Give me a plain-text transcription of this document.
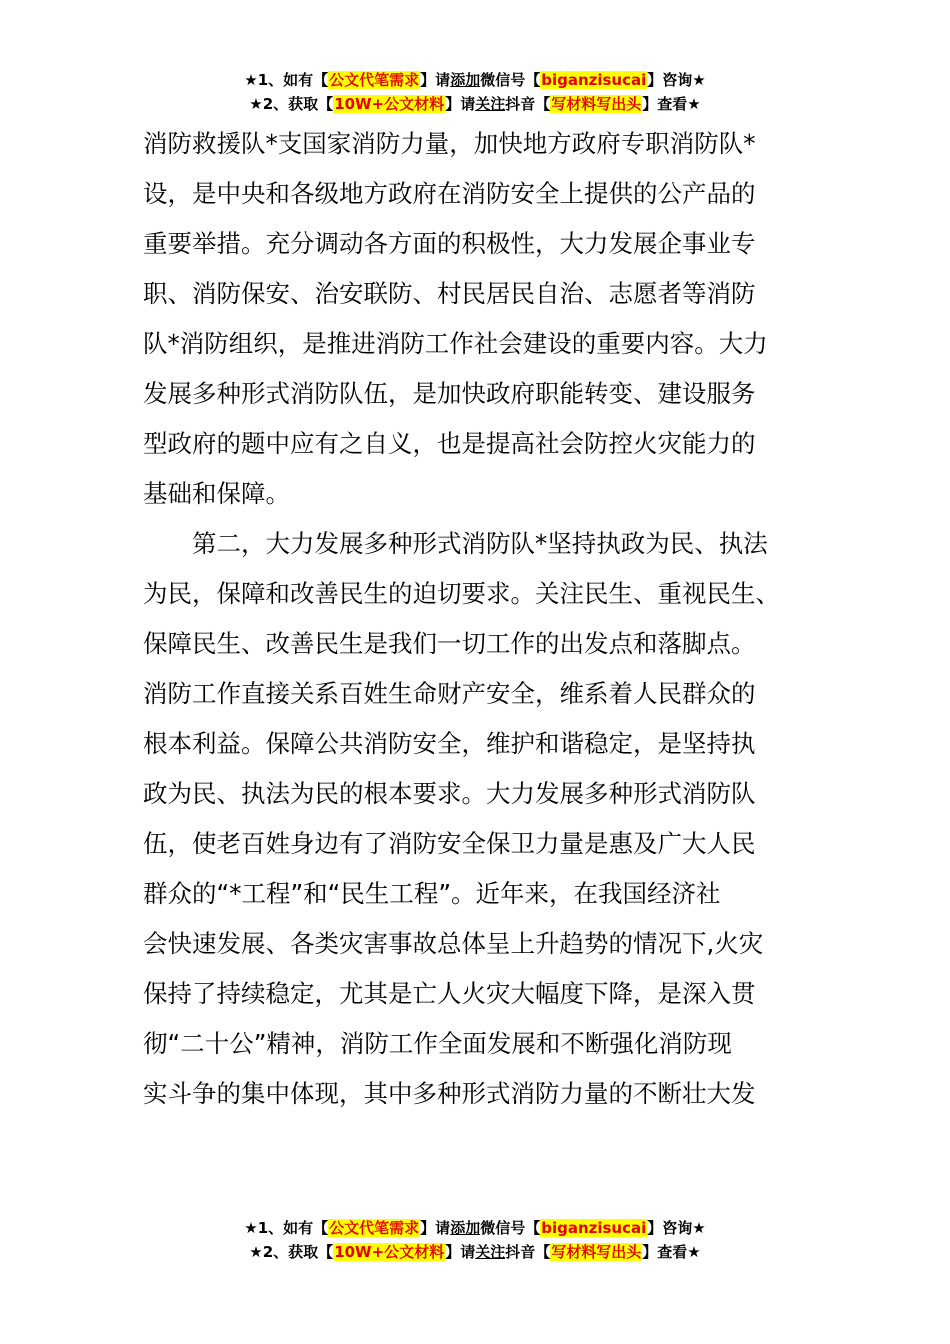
★1、如有【公文代笔需求】请添加微信号【biganzisucai】咨询★
★2、获取【10W+公文材料】请关注抖音【写材料写出头】查看★

消防救援队*支国家消防力量，加快地方政府专职消防队*
设，是中央和各级地方政府在消防安全上提供的公产品的
重要举措。充分调动各方面的积极性，大力发展企事业专
职、消防保安、治安联防、村民居民自治、志愿者等消防
队*消防组织，是推进消防工作社会建设的重要内容。大力
发展多种形式消防队伍，是加快政府职能转变、建设服务
型政府的题中应有之自义，也是提高社会防控火灾能力的
基础和保障。

第二，大力发展多种形式消防队*坚持执政为民、执法
为民，保障和改善民生的迫切要求。关注民生、重视民生、
保障民生、改善民生是我们一切工作的出发点和落脚点。
消防工作直接关系百姓生命财产安全，维系着人民群众的
根本利益。保障公共消防安全，维护和谐稳定，是坚持执
政为民、执法为民的根本要求。大力发展多种形式消防队
伍，使老百姓身边有了消防安全保卫力量是惠及广大人民
群众的“*工程”和“民生工程”。近年来，在我国经济社
会快速发展、各类灾害事故总体呈上升趋势的情况下,火灾
保持了持续稳定，尤其是亡人火灾大幅度下降，是深入贯
彻“二十公”精神，消防工作全面发展和不断强化消防现
实斗争的集中体现，其中多种形式消防力量的不断壮大发

★1、如有【公文代笔需求】请添加微信号【biganzisucai】咨询★
★2、获取【10W+公文材料】请关注抖音【写材料写出头】查看★
